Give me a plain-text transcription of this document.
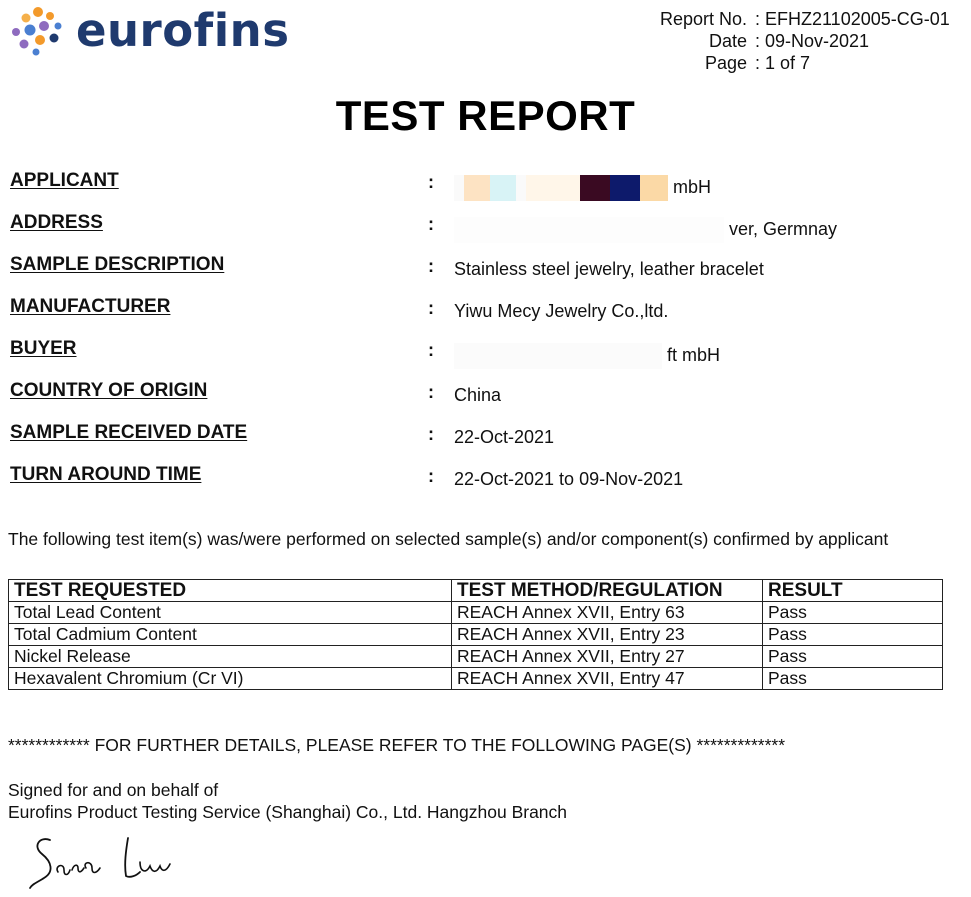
eurofins	Report No. : EFHZ21102005-CG-01
Date : 09-Nov-2021
Page : 1 of 7
TEST REPORT
APPLICANT	:	mbH
ADDRESS	:	ver, Germnay
SAMPLE DESCRIPTION	: Stainless steel jewelry, leather bracelet
MANUFACTURER	: Yiwu Mecy Jewelry Co.,ltd.
BUYER	:	ft mbH
COUNTRY OF ORIGIN	: China
SAMPLE RECEIVED DATE	: 22-Oct-2021
TURN AROUND TIME	: 22-Oct-2021 to 09-Nov-2021
The following test item(s) was/were performed on selected sample(s) and/or component(s) confirmed by applicant
TEST REQUESTED	TEST METHOD/REGULATION	RESULT
Total Lead Content	REACH Annex XVII, Entry 63	Pass
Total Cadmium Content	REACH Annex XVII, Entry 23	Pass
Nickel Release	REACH Annex XVII, Entry 27	Pass
Hexavalent Chromium (Cr VI)	REACH Annex XVII, Entry 47	Pass
************ FOR FURTHER DETAILS, PLEASE REFER TO THE FOLLOWING PAGE(S) *************
Signed for and on behalf of
Eurofins Product Testing Service (Shanghai) Co., Ltd. Hangzhou Branch
